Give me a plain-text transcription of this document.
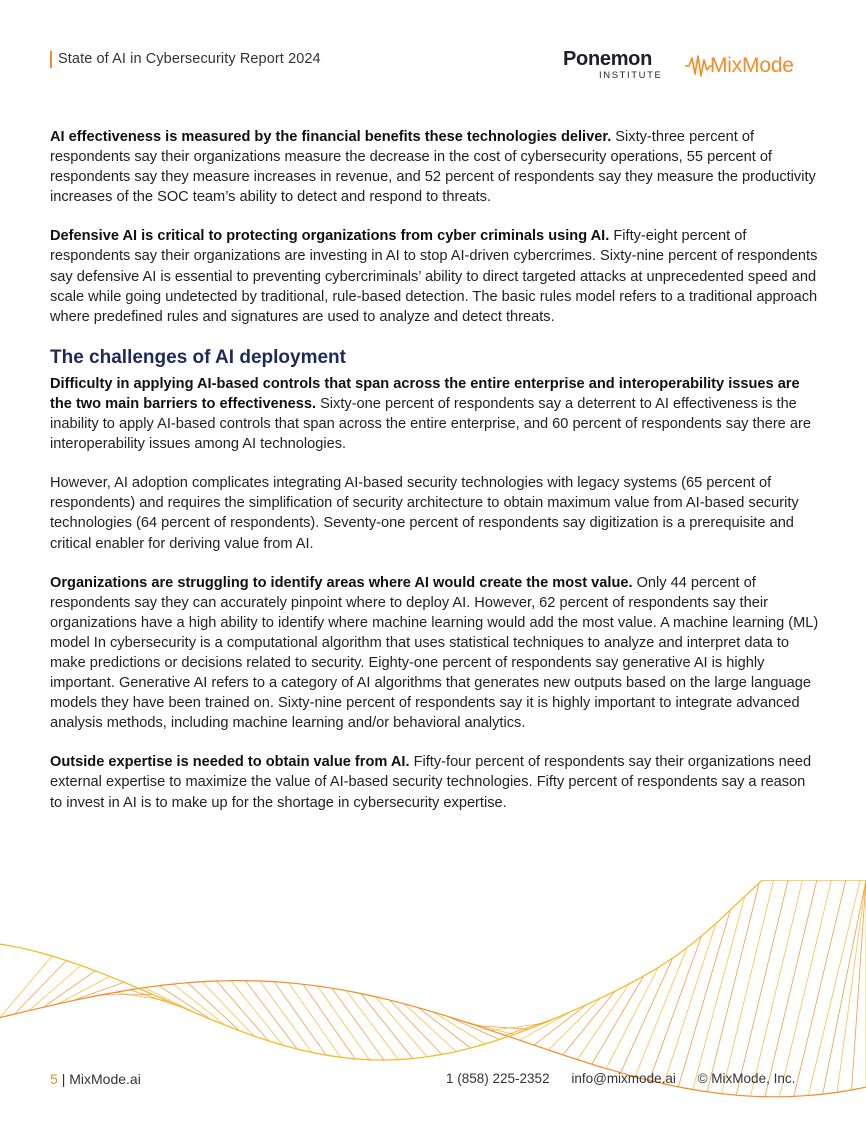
State of AI in Cybersecurity Report 2024	Ponemon
INSTITUTE MixMode

AI effectiveness is measured by the financial benefits these technologies deliver. Sixty-three percent of respondents say their organizations measure the decrease in the cost of cybersecurity operations, 55 percent of respondents say they measure increases in revenue, and 52 percent of respondents say they measure the productivity increases of the SOC team’s ability to detect and respond to threats.

Defensive AI is critical to protecting organizations from cyber criminals using AI. Fifty-eight percent of respondents say their organizations are investing in AI to stop AI-driven cybercrimes. Sixty-nine percent of respondents say defensive AI is essential to preventing cybercriminals’ ability to direct targeted attacks at unprecedented speed and scale while going undetected by traditional, rule-based detection. The basic rules model refers to a traditional approach where predefined rules and signatures are used to analyze and detect threats.

The challenges of AI deployment

Difficulty in applying AI-based controls that span across the entire enterprise and interoperability issues are the two main barriers to effectiveness. Sixty-one percent of respondents say a deterrent to AI effectiveness is the inability to apply AI-based controls that span across the entire enterprise, and 60 percent of respondents say there are interoperability issues among AI technologies.

However, AI adoption complicates integrating AI-based security technologies with legacy systems (65 percent of respondents) and requires the simplification of security architecture to obtain maximum value from AI-based security technologies (64 percent of respondents). Seventy-one percent of respondents say digitization is a prerequisite and critical enabler for deriving value from AI.

Organizations are struggling to identify areas where AI would create the most value. Only 44 percent of respondents say they can accurately pinpoint where to deploy AI. However, 62 percent of respondents say their organizations have a high ability to identify where machine learning would add the most value. A machine learning (ML) model In cybersecurity is a computational algorithm that uses statistical techniques to analyze and interpret data to make predictions or decisions related to security. Eighty-one percent of respondents say generative AI is highly important. Generative AI refers to a category of AI algorithms that generates new outputs based on the large language models they have been trained on. Sixty-nine percent of respondents say it is highly important to integrate advanced analysis methods, including machine learning and/or behavioral analytics.

Outside expertise is needed to obtain value from AI. Fifty-four percent of respondents say their organizations need external expertise to maximize the value of AI-based security technologies. Fifty percent of respondents say a reason to invest in AI is to make up for the shortage in cybersecurity expertise.

5 | MixMode.ai	1 (858) 225-2352 info@mixmode.ai © MixMode, Inc.
